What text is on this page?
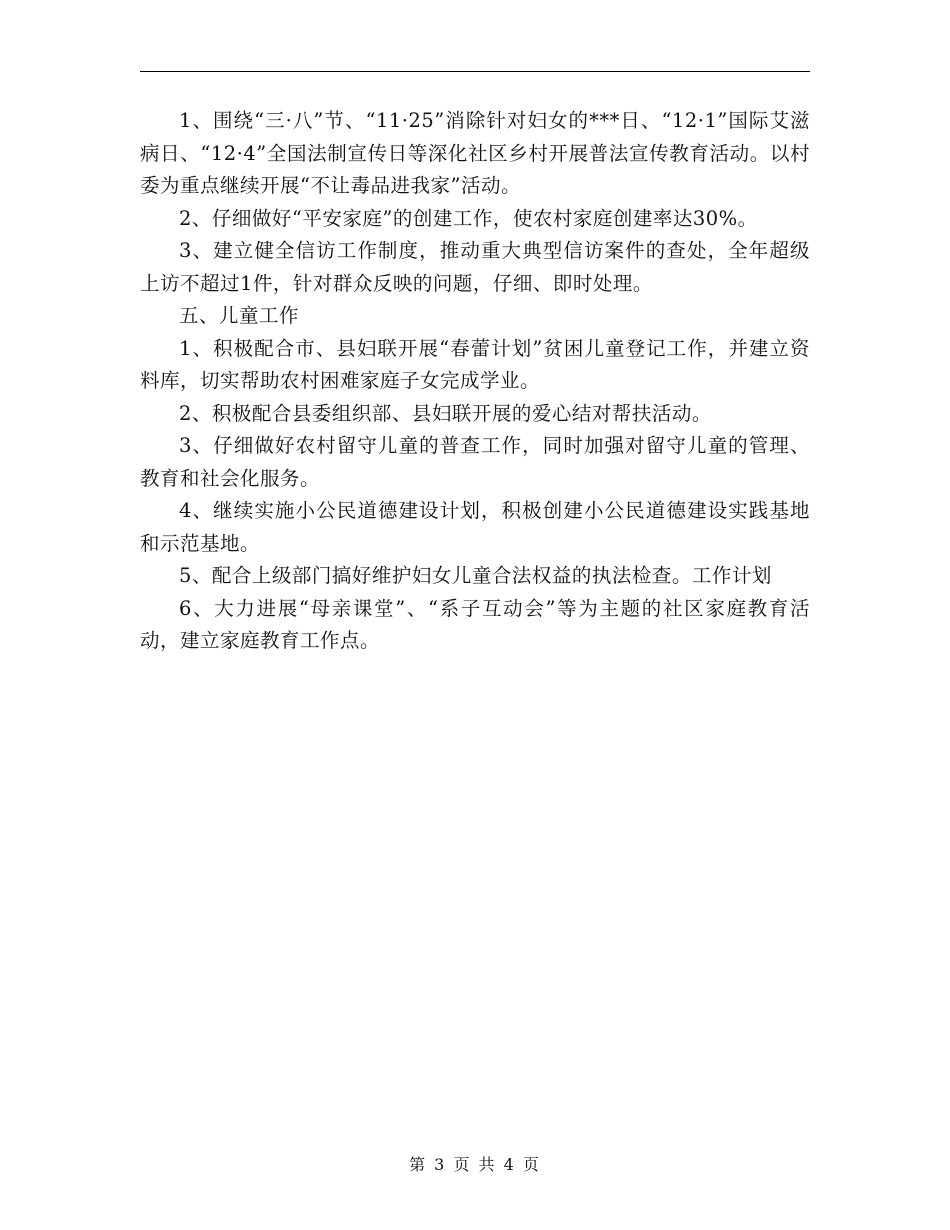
1、围绕“三·八”节、“11·25”消除针对妇女的***日、“12·1”国际艾滋病日、“12·4”全国法制宣传日等深化社区乡村开展普法宣传教育活动。以村委为重点继续开展“不让毒品进我家”活动。

2、仔细做好“平安家庭”的创建工作，使农村家庭创建率达30%。

3、建立健全信访工作制度，推动重大典型信访案件的查处，全年超级上访不超过1件，针对群众反映的问题，仔细、即时处理。

五、儿童工作

1、积极配合市、县妇联开展“春蕾计划”贫困儿童登记工作，并建立资料库，切实帮助农村困难家庭子女完成学业。

2、积极配合县委组织部、县妇联开展的爱心结对帮扶活动。

3、仔细做好农村留守儿童的普查工作，同时加强对留守儿童的管理、教育和社会化服务。

4、继续实施小公民道德建设计划，积极创建小公民道德建设实践基地和示范基地。

5、配合上级部门搞好维护妇女儿童合法权益的执法检查。工作计划

6、大力进展“母亲课堂”、“系子互动会”等为主题的社区家庭教育活动，建立家庭教育工作点。

第 3 页 共 4 页
